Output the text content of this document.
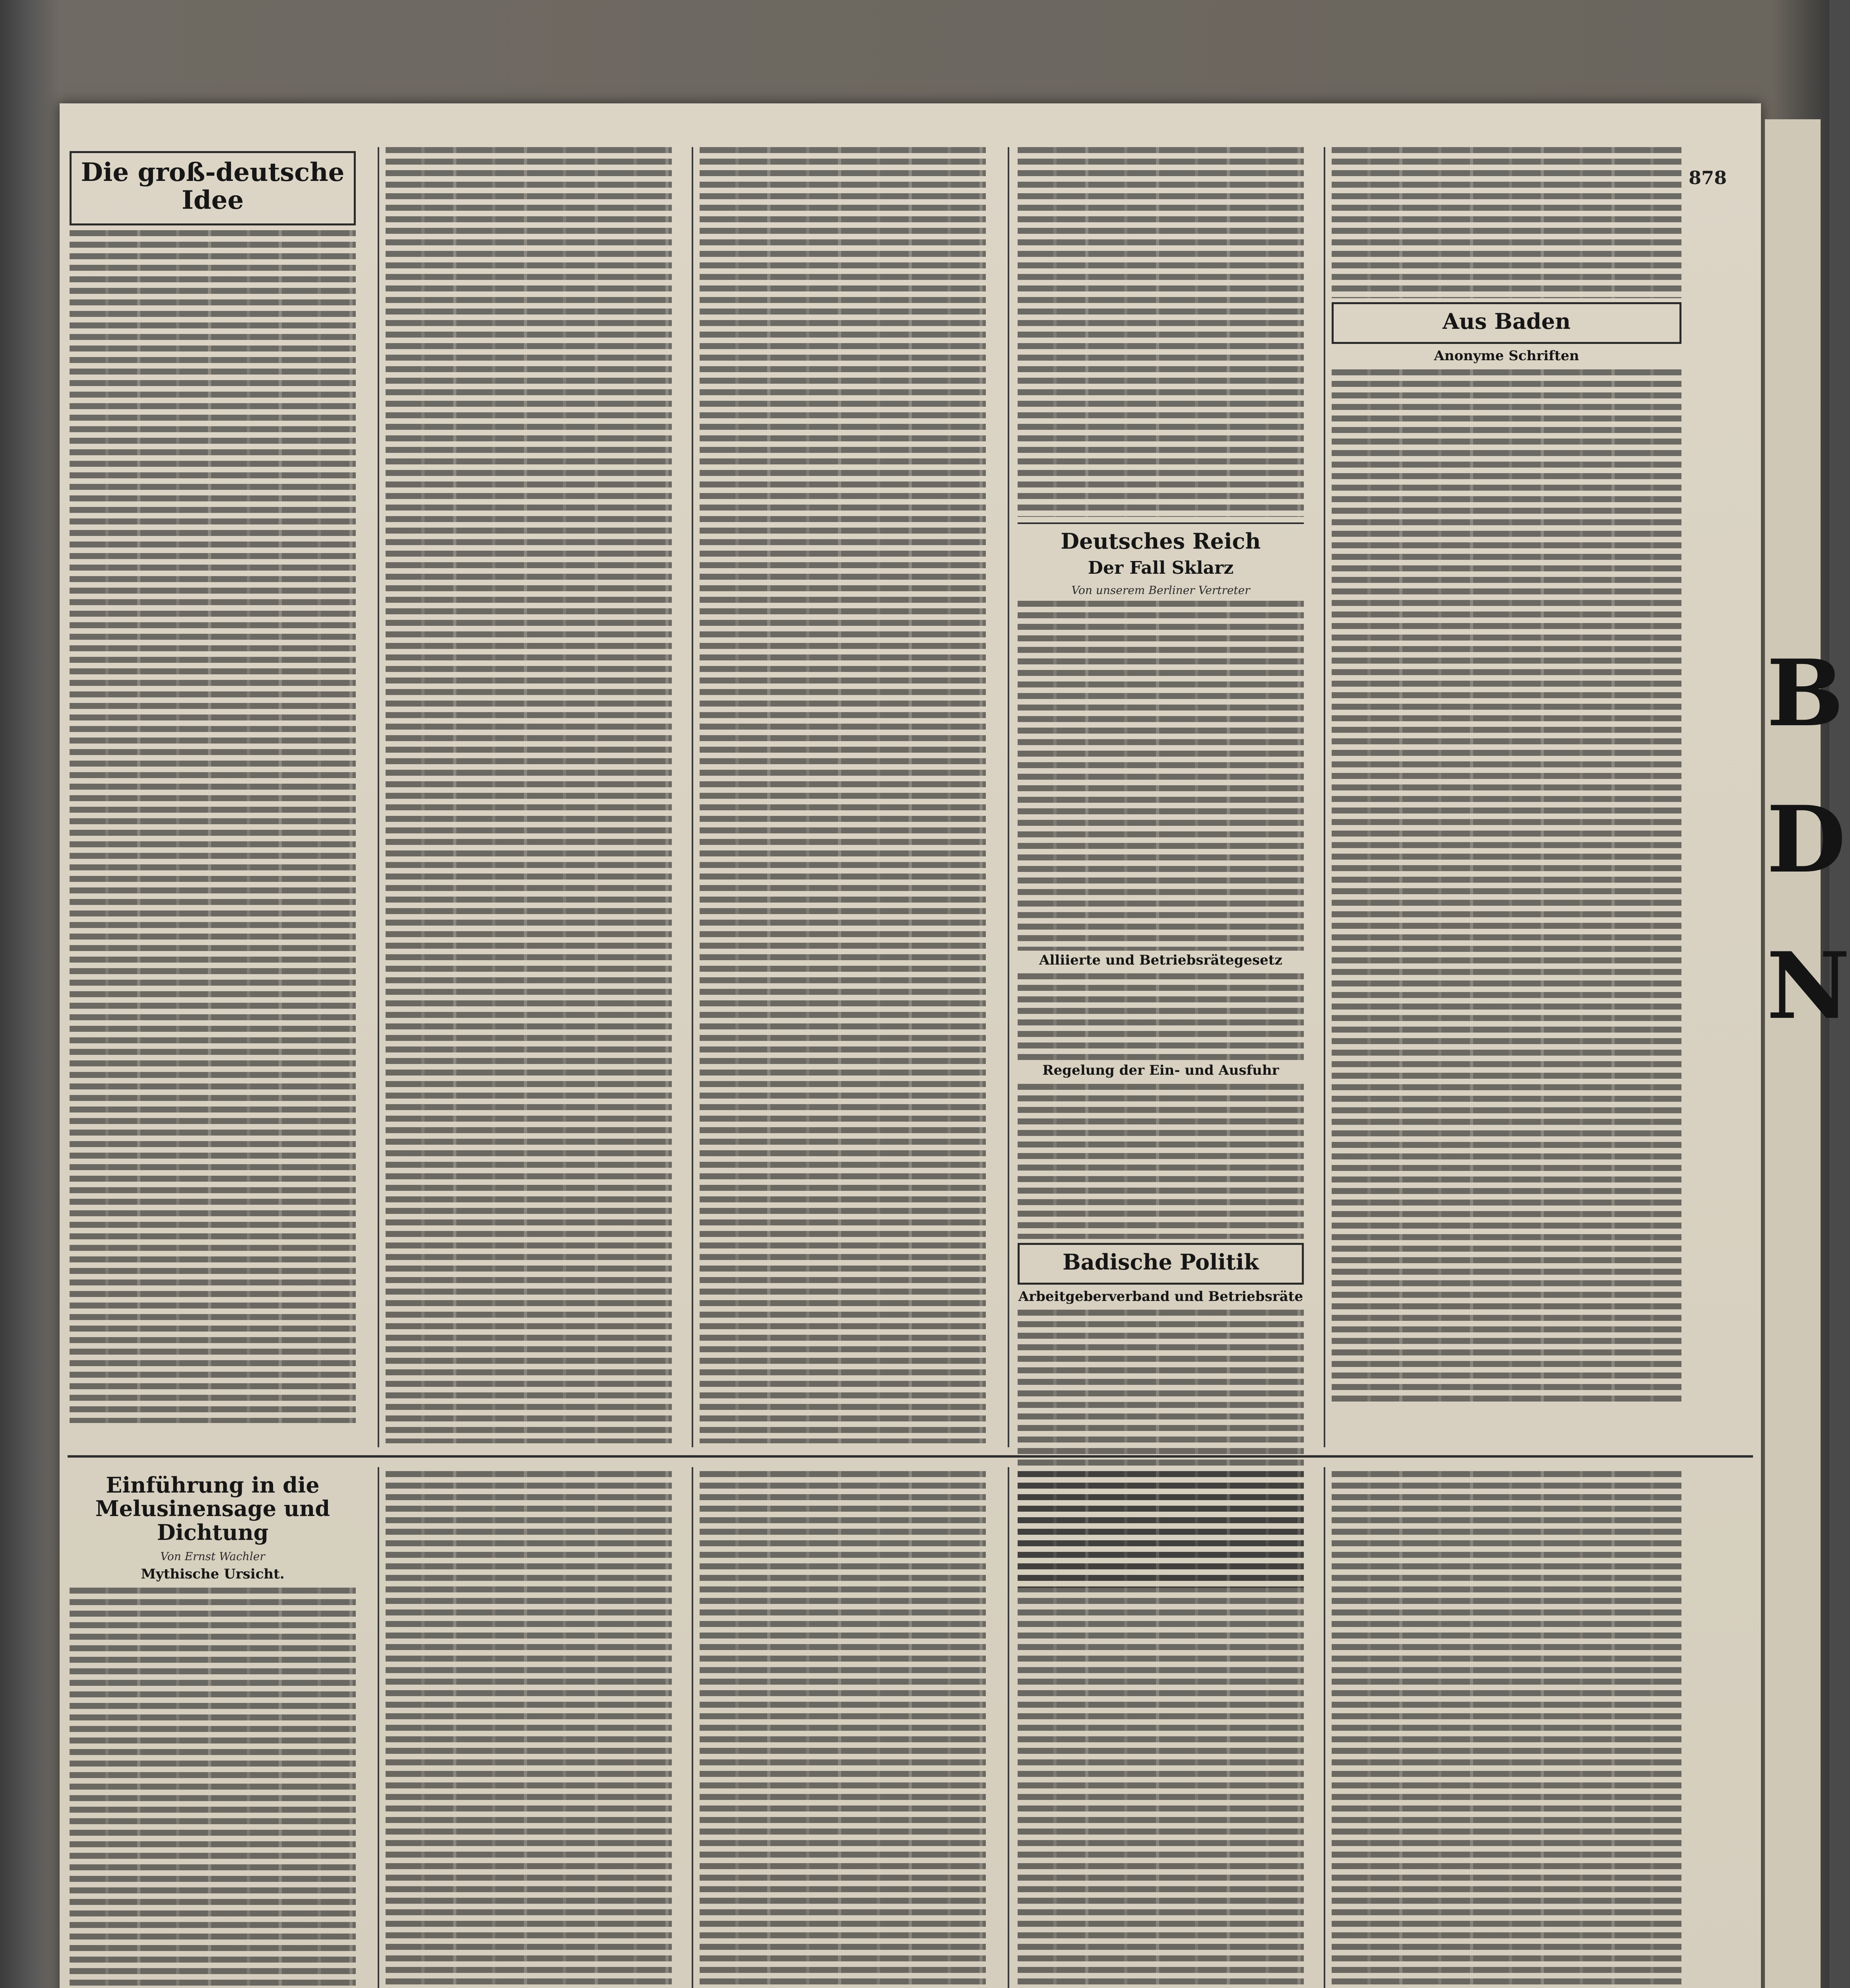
878
Die groß-deutsche Idee
Deutsches Reich
Der Fall Sklarz
Von unserem Berliner Vertreter
Alliierte und Betriebsrätegesetz
Regelung der Ein- und Ausfuhr
Badische Politik
Arbeitgeberverband und Betriebsräte
Aus Baden
Anonyme Schriften
Einführung in die Melusinensage und Dichtung
Von Ernst Wachler
Mythische Ursicht.
B
D
N
